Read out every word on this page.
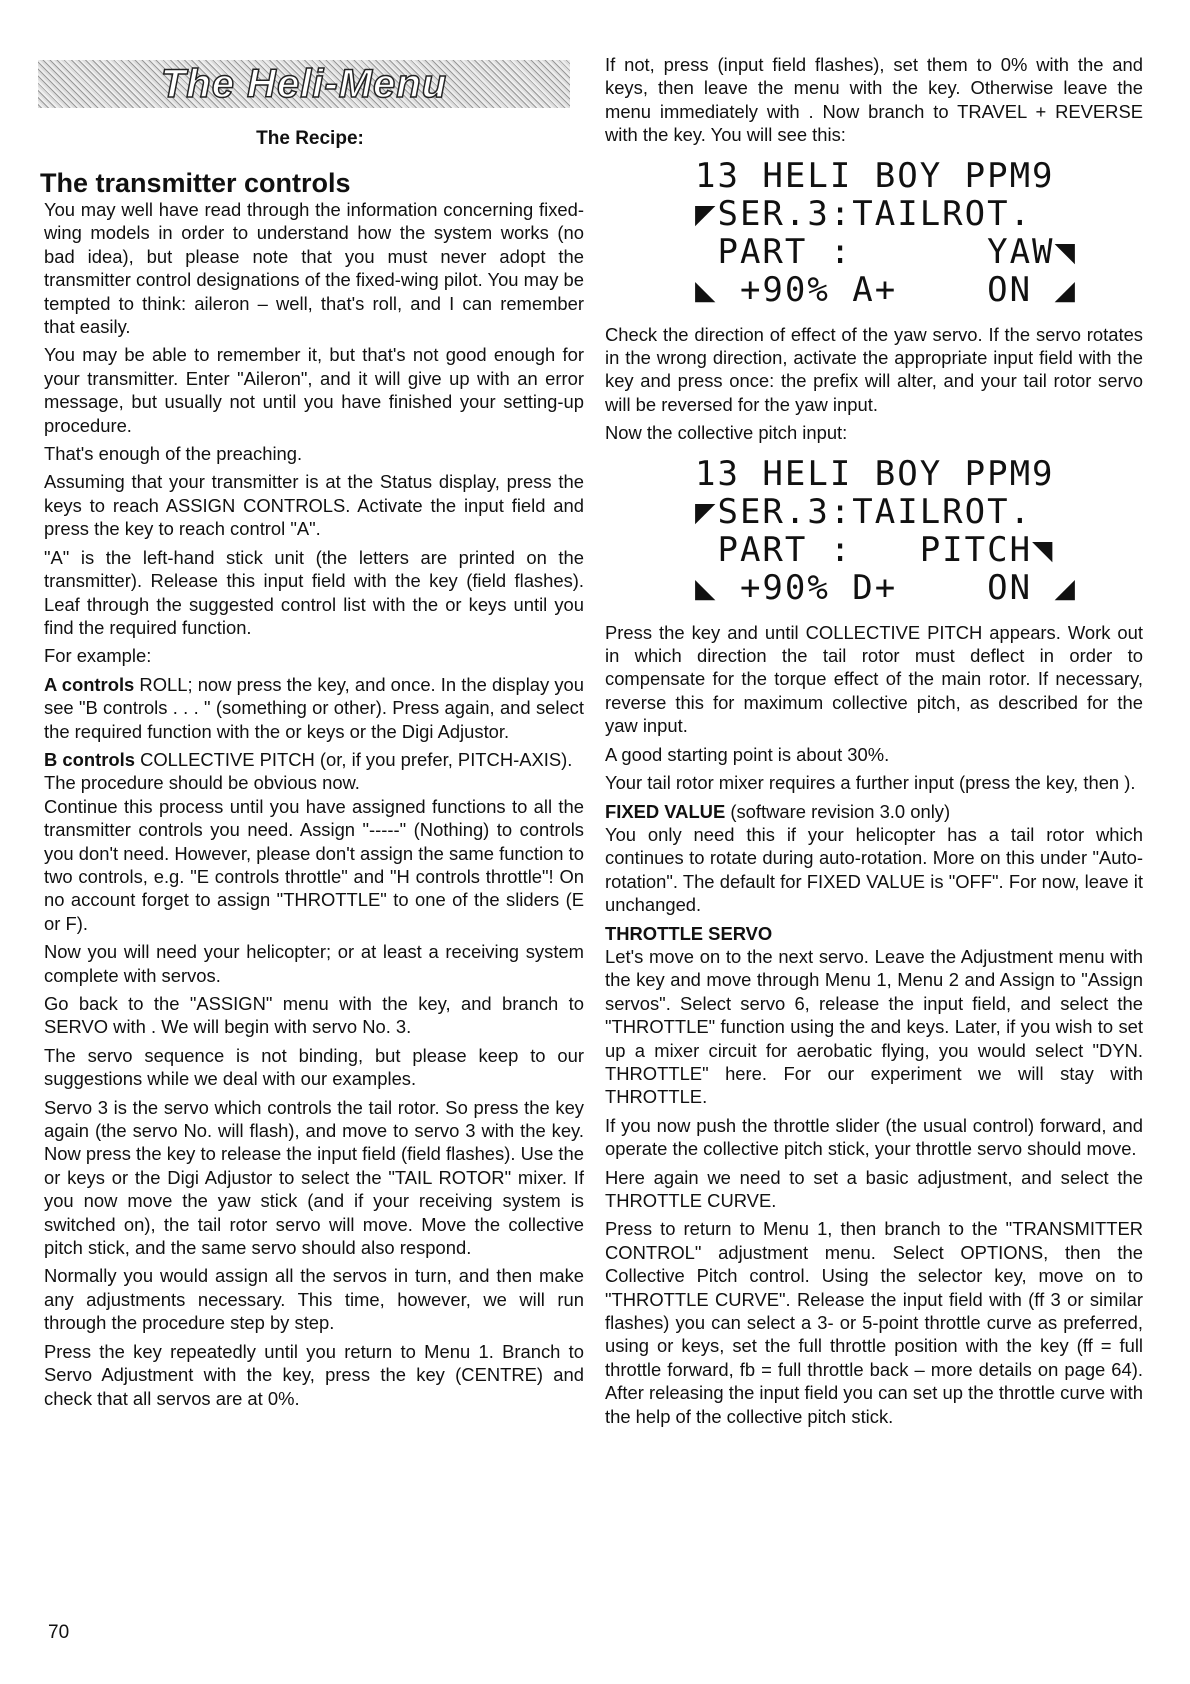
The Heli-Menu
The Recipe:
The transmitter controls

You may well have read through the information concerning fixed-wing models in order to understand how the system works (no bad idea), but please note that you must never adopt the transmitter control designations of the fixed-wing pilot. You may be tempted to think: aileron – well, that's roll, and I can remember that easily.

You may be able to remember it, but that's not good enough for your transmitter. Enter "Aileron", and it will give up with an error message, but usually not until you have finished your setting-up procedure.

That's enough of the preaching.

Assuming that your transmitter is at the Status display, press the keys to reach ASSIGN CONTROLS. Activate the input field and press the key to reach control "A".

"A" is the left-hand stick unit (the letters are printed on the transmitter). Release this input field with the key (field flashes). Leaf through the suggested control list with the or keys until you find the required function.

For example:

A controls ROLL; now press the key, and once. In the display you see "B controls . . . " (something or other). Press again, and select the required function with the or keys or the Digi Adjustor.

B controls COLLECTIVE PITCH (or, if you prefer, PITCH-AXIS).

The procedure should be obvious now.

Continue this process until you have assigned functions to all the transmitter controls you need. Assign "-----" (Nothing) to controls you don't need. However, please don't assign the same function to two controls, e.g. "E controls throttle" and "H controls throttle"! On no account forget to assign "THROTTLE" to one of the sliders (E or F).

Now you will need your helicopter; or at least a receiving system complete with servos.

Go back to the "ASSIGN" menu with the key, and branch to SERVO with . We will begin with servo No. 3.

The servo sequence is not binding, but please keep to our suggestions while we deal with our examples.

Servo 3 is the servo which controls the tail rotor. So press the key again (the servo No. will flash), and move to servo 3 with the key. Now press the key to release the input field (field flashes). Use the or keys or the Digi Adjustor to select the "TAIL ROTOR" mixer. If you now move the yaw stick (and if your receiving system is switched on), the tail rotor servo will move. Move the collective pitch stick, and the same servo should also respond.

Normally you would assign all the servos in turn, and then make any adjustments necessary. This time, however, we will run through the procedure step by step.

Press the key repeatedly until you return to Menu 1. Branch to Servo Adjustment with the key, press the key (CENTRE) and check that all servos are at 0%.

If not, press (input field flashes), set them to 0% with the and keys, then leave the menu with the key. Otherwise leave the menu immediately with . Now branch to TRAVEL + REVERSE with the key. You will see this:

13 HELI BOY PPM9
◤SER.3:TAILROT.
PART :      YAW◥
◣ +90% A+    ON ◢

Check the direction of effect of the yaw servo. If the servo rotates in the wrong direction, activate the appropriate input field with the key and press once: the prefix will alter, and your tail rotor servo will be reversed for the yaw input.

Now the collective pitch input:

13 HELI BOY PPM9
◤SER.3:TAILROT.
PART :   PITCH◥
◣ +90% D+    ON ◢

Press the key and until COLLECTIVE PITCH appears. Work out in which direction the tail rotor must deflect in order to compensate for the torque effect of the main rotor. If necessary, reverse this for maximum collective pitch, as described for the yaw input.

A good starting point is about 30%.

Your tail rotor mixer requires a further input (press the key, then ).

FIXED VALUE (software revision 3.0 only)

You only need this if your helicopter has a tail rotor which continues to rotate during auto-rotation. More on this under "Auto-rotation". The default for FIXED VALUE is "OFF". For now, leave it unchanged.

THROTTLE SERVO

Let's move on to the next servo. Leave the Adjustment menu with the key and move through Menu 1, Menu 2 and Assign to "Assign servos". Select servo 6, release the input field, and select the "THROTTLE" function using the and keys. Later, if you wish to set up a mixer circuit for aerobatic flying, you would select "DYN. THROTTLE" here. For our experiment we will stay with THROTTLE.

If you now push the throttle slider (the usual control) forward, and operate the collective pitch stick, your throttle servo should move.

Here again we need to set a basic adjustment, and select the THROTTLE CURVE.

Press to return to Menu 1, then branch to the "TRANSMITTER CONTROL" adjustment menu. Select OPTIONS, then the Collective Pitch control. Using the selector key, move on to "THROTTLE CURVE". Release the input field with (ff 3 or similar flashes) you can select a 3- or 5-point throttle curve as preferred, using or keys, set the full throttle position with the key (ff = full throttle forward, fb = full throttle back – more details on page 64). After releasing the input field you can set up the throttle curve with the help of the collective pitch stick.

70
